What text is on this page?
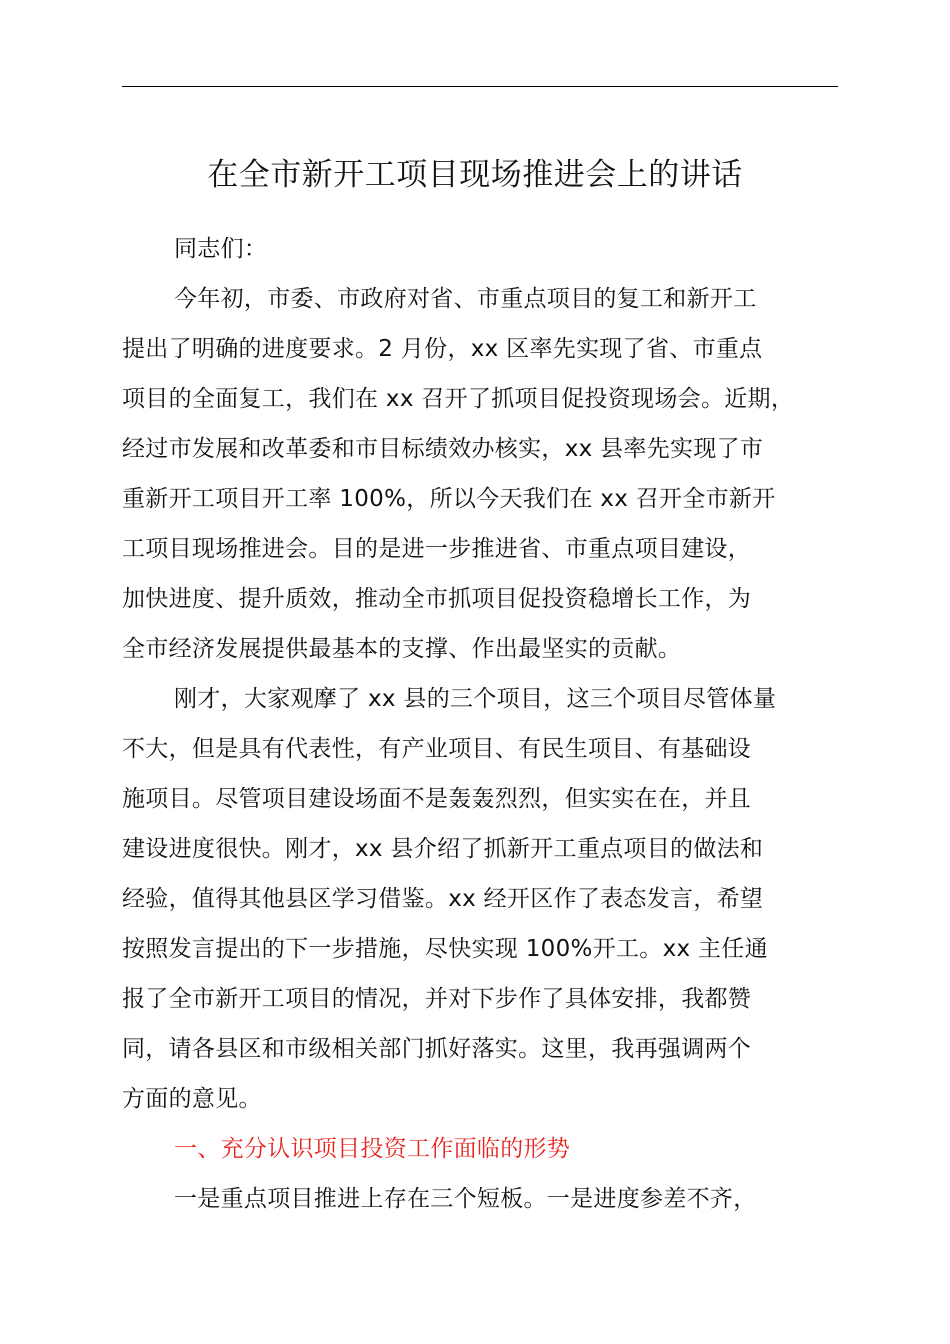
在全市新开工项目现场推进会上的讲话

同志们：

今年初，市委、市政府对省、市重点项目的复工和新开工
提出了明确的进度要求。2 月份，xx 区率先实现了省、市重点
项目的全面复工，我们在 xx 召开了抓项目促投资现场会。近期，
经过市发展和改革委和市目标绩效办核实，xx 县率先实现了市
重新开工项目开工率 100%，所以今天我们在 xx 召开全市新开
工项目现场推进会。目的是进一步推进省、市重点项目建设，
加快进度、提升质效，推动全市抓项目促投资稳增长工作，为
全市经济发展提供最基本的支撑、作出最坚实的贡献。

刚才，大家观摩了 xx 县的三个项目，这三个项目尽管体量
不大，但是具有代表性，有产业项目、有民生项目、有基础设
施项目。尽管项目建设场面不是轰轰烈烈，但实实在在，并且
建设进度很快。刚才，xx 县介绍了抓新开工重点项目的做法和
经验，值得其他县区学习借鉴。xx 经开区作了表态发言，希望
按照发言提出的下一步措施，尽快实现 100%开工。xx 主任通
报了全市新开工项目的情况，并对下步作了具体安排，我都赞
同，请各县区和市级相关部门抓好落实。这里，我再强调两个
方面的意见。

一、充分认识项目投资工作面临的形势

一是重点项目推进上存在三个短板。一是进度参差不齐，
